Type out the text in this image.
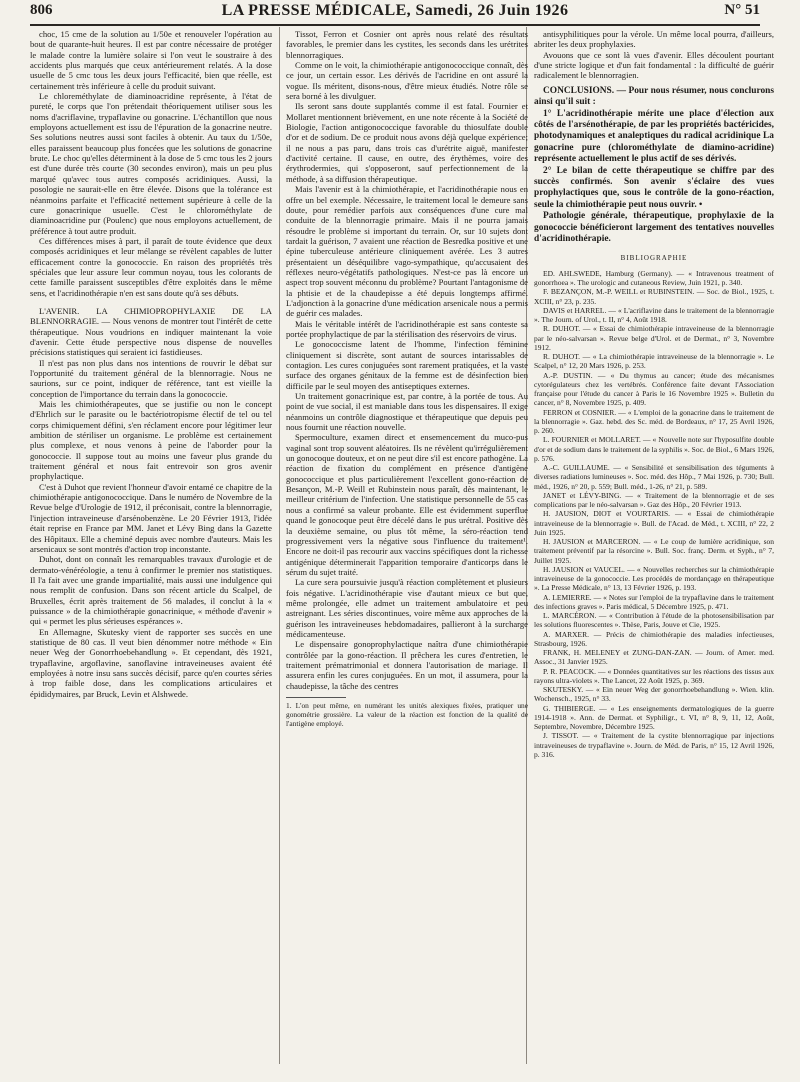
806	LA PRESSE MÉDICALE, Samedi, 26 Juin 1926	N° 51

choc, 15 cme de la solution au 1/50e et renouveler l'opération au bout de quarante-huit heures. Il est par contre nécessaire de protéger le malade contre la lumière solaire si l'on veut le soustraire à des accidents plus marqués que ceux antérieurement relatés. A la dose usuelle de 5 cmc tous les deux jours l'efficacité, bien que réelle, est certainement très inférieure à celle du produit suivant.

Le chloreméthylate de diaminoacridine représente, à l'état de pureté, le corps que l'on prétendait théoriquement utiliser sous les noms d'acriflavine, trypaflavine ou gonacrine. L'échantillon que nous employons actuellement est issu de l'épuration de la gonacrine neutre. Ses solutions neutres aussi sont faciles à obtenir. Au taux du 1/50e, elles paraissent beaucoup plus foncées que les solutions de gonacrine brute. Le choc qu'elles déterminent à la dose de 5 cmc tous les 2 jours est d'une durée très courte (30 secondes environ), mais un peu plus marqué qu'avec tous autres composés acridiniques. Aussi, la posologie ne saurait-elle en être élevée. Disons que la tolérance est néanmoins parfaite et l'efficacité nettement supérieure à celle de la cure gonacrinique usuelle. C'est le chlorométhylate de diaminoacridine pur (Poulenc) que nous employons actuellement, de préférence à tout autre produit.

Ces différences mises à part, il paraît de toute évidence que deux composés acridiniques et leur mélange se révèlent capables de lutter efficacement contre la gonococcie. En raison des propriétés très spéciales que leur assure leur commun noyau, tous les colorants de cette famille paraissent susceptibles d'être exploités dans le même sens, et l'acridinothérapie n'en est sans doute qu'à ses débuts.

L'AVENIR. LA CHIMIOPROPHYLAXIE DE LA BLENNORRAGIE. — Nous venons de montrer tout l'intérêt de cette thérapeutique. Nous voudrions en indiquer maintenant la voie d'avenir. Cette étude perspective nous dispense de nouvelles précisions statistiques qui seraient ici fastidieuses.

Il n'est pas non plus dans nos intentions de rouvrir le débat sur l'opportunité du traitement général de la blennorragie. Nous ne saurions, sur ce point, indiquer de référence, tant est vieille la conception de l'importance du terrain dans la gonococcie.

Mais les chimiothérapeutes, que se justifie ou non le concept d'Ehrlich sur le parasite ou le bactériotropisme électif de tel ou tel corps chimiquement défini, s'en réclament encore pour légitimer leur ambition de stériliser un organisme. Le problème est certainement plus complexe, et nous venons à peine de l'aborder pour la gonococcie. Il suppose tout au moins une faveur plus grande du traitement général et nous fait entrevoir son gros avenir prophylactique.

C'est à Duhot que revient l'honneur d'avoir entamé ce chapitre de la chimiothérapie antigonococcique. Dans le numéro de Novembre de la Revue belge d'Urologie de 1912, il préconisait, contre la blennorragie, l'injection intraveineuse d'arsénobenzène. Le 20 Février 1913, l'idée était reprise en France par MM. Janet et Lévy Bing dans la Gazette des Hôpitaux. Elle a cheminé depuis avec nombre d'auteurs. Mais les arsenicaux se sont montrés d'action trop inconstante.

Duhot, dont on connaît les remarquables travaux d'urologie et de dermato-vénéréologie, a tenu à confirmer le premier nos statistiques. Il l'a fait avec une grande impartialité, mais aussi une indulgence qui nous remplit de confusion. Dans son récent article du Scalpel, de Bruxelles, écrit après traitement de 56 malades, il conclut à la « puissance » de la chimiothérapie gonacrinique, « méthode d'avenir » qui « permet les plus sérieuses espérances ».

En Allemagne, Skutesky vient de rapporter ses succès en une statistique de 80 cas. Il veut bien dénommer notre méthode « Ein neuer Weg der Gonorrhoebehandlung ». Et cependant, dès 1921, trypaflavine, argoflavine, sanoflavine intraveineuses avaient été employées à notre insu sans succès décisif, parce qu'en courtes séries à trop faible dose, dans les complications articulaires et épididymaires, par Bruck, Levin et Alshwede.

Tissot, Ferron et Cosnier ont après nous relaté des résultats favorables, le premier dans les cystites, les seconds dans les urétrites blennorragiques.

Comme on le voit, la chimiothérapie antigonococcique connaît, dès ce jour, un certain essor. Les dérivés de l'acridine en ont assuré la vogue. Ils méritent, disons-nous, d'être mieux étudiés. Notre rôle se sera borné à les divulguer.

Ils seront sans doute supplantés comme il est fatal. Fournier et Mollaret mentionnent brièvement, en une note récente à la Société de Biologie, l'action antigonococcique favorable du thiosulfate double d'or et de sodium. De ce produit nous avons déjà quelque expérience; il ne nous a pas paru, dans trois cas d'urétrite aiguë, manifester d'activité certaine. Il cause, en outre, des érythèmes, voire des érythrodermies, qui s'opposeront, sauf perfectionnement de la méthode, à sa diffusion thérapeutique.

Mais l'avenir est à la chimiothérapie, et l'acridinothérapie nous en offre un bel exemple. Nécessaire, le traitement local le demeure sans doute, pour remédier parfois aux conséquences d'une cure mal conduite de la blennorragie primaire. Mais il ne pourra jamais résoudre le problème si important du terrain. Or, sur 10 sujets dont tardait la guérison, 7 avaient une réaction de Besredka positive et une épine tuberculeuse antérieure cliniquement avérée. Les 3 autres présentaient un déséquilibre vago-sympathique, qu'accusaient des réflexes neuro-végétatifs pathologiques. N'est-ce pas là encore un aspect trop souvent méconnu du problème? Pourtant l'antagonisme de la phtisie et de la chaudepisse a été depuis longtemps affirmé. L'adjonction à la gonacrine d'une médication arsenicale nous a permis de guérir ces malades.

Mais le véritable intérêt de l'acridinothérapie est sans conteste sa portée prophylactique de par la stérilisation des réservoirs de virus.

Le gonococcisme latent de l'homme, l'infection féminine cliniquement si discrète, sont autant de sources intarissables de contagion. Les cures conjuguées sont rarement pratiquées, et la vaste surface des organes génitaux de la femme est de désinfection bien difficile par le seul moyen des antiseptiques externes.

Un traitement gonacrinique est, par contre, à la portée de tous. Au point de vue social, il est maniable dans tous les dispensaires. Il exige néanmoins un contrôle diagnostique et thérapeutique que depuis peu nous fournit une réaction nouvelle.

Spermoculture, examen direct et ensemencement du muco-pus vaginal sont trop souvent aléatoires. Ils ne révèlent qu'irrégulièrement un gonocoque douteux, et on ne peut dire s'il est encore pathogène. La réaction de fixation du complément en présence d'antigène gonococcique et plus particulièrement l'excellent gono-réaction de Besançon, M.-P. Weill et Rubinstein nous paraît, dès maintenant, le meilleur critérium de l'infection. Une statistique personnelle de 55 cas nous a confirmé sa valeur probante. Elle est évidemment superflue quand le gonocoque peut être décelé dans le pus urétral. Positive dès la deuxième semaine, ou plus tôt même, la séro-réaction tend progressivement vers la négative sous l'influence du traitement¹. Encore ne doit-il pas recourir aux vaccins spécifiques dont la richesse antigénique déterminerait l'apparition temporaire d'anticorps dans le sérum du sujet traité.

La cure sera poursuivie jusqu'à réaction complètement et plusieurs fois négative. L'acridinothérapie vise d'autant mieux ce but que, même prolongée, elle admet un traitement ambulatoire et peu astreignant. Les séries discontinues, voire même aux approches de la guérison les intraveineuses hebdomadaires, pallieront à la surcharge médicamenteuse.

Le dispensaire gonoprophylactique naîtra d'une chimiothérapie contrôlée par la gono-réaction. Il prêchera les cures d'entretien, le traitement prématrimonial et donnera l'autorisation de mariage. Il assurera enfin les cures conjuguées. En un mot, il assumera, pour la chaudepisse, la tâche des centres

1. L'on peut même, en numérant les unités alexiques fixées, pratiquer une gonométrie grossière. La valeur de la réaction est fonction de la qualité de l'antigène employé.

antisyphilitiques pour la vérole. Un même local pourra, d'ailleurs, abriter les deux prophylaxies.

Avouons que ce sont là vues d'avenir. Elles découlent pourtant d'une stricte logique et d'un fait fondamental : la difficulté de guérir radicalement le blennorragien.

CONCLUSIONS. — Pour nous résumer, nous conclurons ainsi qu'il suit :

1° L'acridinothérapie mérite une place d'élection aux côtés de l'arsénothérapie, de par les propriétés bactéricides, photodynamiques et analeptiques du radical acridinique La gonacrine pure (chlorométhylate de diamino-acridine) représente actuellement le plus actif de ses dérivés.

2° Le bilan de cette thérapeutique se chiffre par des succès confirmés. Son avenir s'éclaire des vues prophylactiques que, sous le contrôle de la gono-réaction, seule la chimiothérapie peut nous ouvrir. •

Pathologie générale, thérapeutique, prophylaxie de la gonococcie bénéficieront largement des tentatives nouvelles d'acridinothérapie.

BIBLIOGRAPHIE

ED. AHLSWEDE, Hamburg (Germany). — « Intravenous treatment of gonorrhoea ». The urologic and cutaneous Review, Juin 1921, p. 340.

F. BEZANÇON, M.-P. WEILL et RUBINSTEIN. — Soc. de Biol., 1925, t. XCIII, n° 23, p. 235.

DAVIS et HARREL. — « L'acriflavine dans le traitement de la blennorragie ». The Journ. of Urol., t. II, n° 4, Août 1918.

R. DUHOT. — « Essai de chimiothérapie intraveineuse de la blennorragie par le néo-salvarsan ». Revue belge d'Urol. et de Dermat., n° 3, Novembre 1912.

R. DUHOT. — « La chimiothérapie intraveineuse de la blennorragie ». Le Scalpel, n° 12, 20 Mars 1926, p. 253.

A.-P. DUSTIN. — « Du thymus au cancer; étude des mécanismes cytorégulateurs chez les vertébrés. Conférence faite devant l'Association française pour l'étude du cancer à Paris le 16 Novembre 1925 ». Bulletin du cancer, n° 8, Novembre 1925, p. 409.

FERRON et COSNIER. — « L'emploi de la gonacrine dans le traitement de la blennorragie ». Gaz. hebd. des Sc. méd. de Bordeaux, n° 17, 25 Avril 1926, p. 260.

L. FOURNIER et MOLLARET. — « Nouvelle note sur l'hyposulfite double d'or et de sodium dans le traitement de la syphilis ». Soc. de Biol., 6 Mars 1926, p. 576.

A.-C. GUILLAUME. — « Sensibilité et sensibilisation des téguments à diverses radiations lumineuses ». Soc. méd. des Hôp., 7 Mai 1926, p. 730; Bull. méd., 1926, n° 20, p. 559; Bull. méd., 1-26, n° 21, p. 589.

JANET et LÉVY-BING. — « Traitement de la blennorragie et de ses complications par le néo-salvarsan ». Gaz des Hôp., 20 Février 1913.

H. JAUSION, DIOT et VOURTARIS. — « Essai de chimiothérapie intraveineuse de la blennorragie ». Bull. de l'Acad. de Méd., t. XCIII, n° 22, 2 Juin 1925.

H. JAUSION et MARCERON. — « Le coup de lumière acridinique, son traitement préventif par la résorcine ». Bull. Soc. franç. Derm. et Syph., n° 7, Juillet 1925.

H. JAUSION et VAUCEL. — « Nouvelles recherches sur la chimiothérapie intraveineuse de la gonococcie. Les procédés de mordançage en thérapeutique ». La Presse Médicale, n° 13, 13 Février 1926, p. 193.

A. LEMIERRE. — « Notes sur l'emploi de la trypaflavine dans le traitement des infections graves ». Paris médical, 5 Décembre 1925, p. 471.

L. MARCÉRON. — « Contribution à l'étude de la photosensibilisation par les solutions fluorescentes ». Thèse, Paris, Jouve et Cie, 1925.

A. MARXER. — Précis de chimiothérapie des maladies infectieuses, Strasbourg, 1926.

FRANK, H. MELENEY et ZUNG-DAN-ZAN. — Journ. of Amer. med. Assoc., 31 Janvier 1925.

P. R. PEACOCK. — « Données quantitatives sur les réactions des tissus aux rayons ultra-violets ». The Lancet, 22 Août 1925, p. 369.

SKUTESKY. — « Ein neuer Weg der gonorrhoebehandlung ». Wien. klin. Wochensch., 1925, n° 33.

G. THIBIERGE. — « Les enseignements dermatologiques de la guerre 1914-1918 ». Ann. de Dermat. et Syphiligr., t. VI, n° 8, 9, 11, 12, Août, Septembre, Novembre, Décembre 1925.

J. TISSOT. — « Traitement de la cystite blennorragique par injections intraveineuses de trypaflavine ». Journ. de Méd. de Paris, n° 15, 12 Avril 1926, p. 316.
